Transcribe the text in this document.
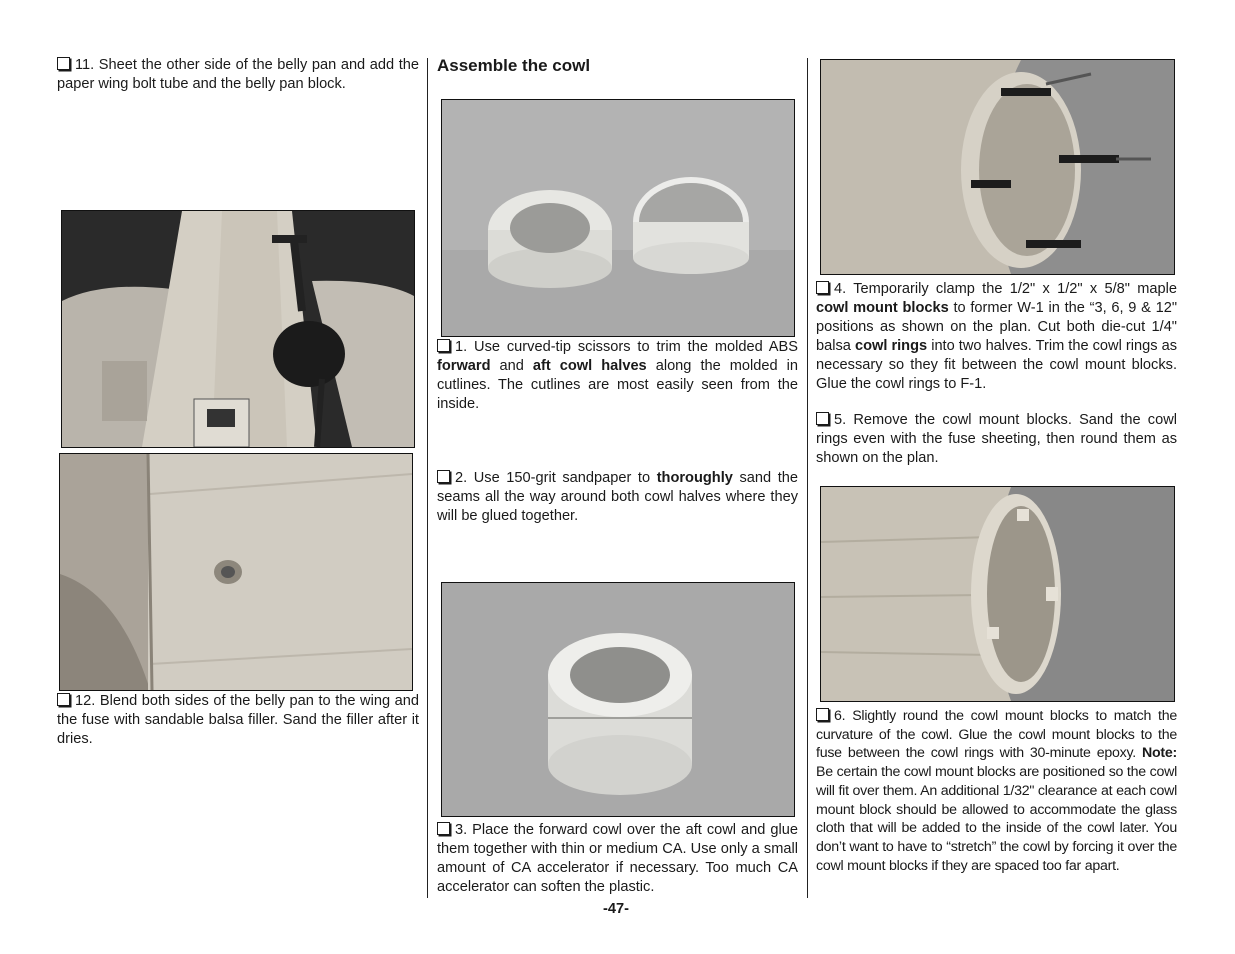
11. Sheet the other side of the belly pan and add the paper wing bolt tube and the belly pan block.
12. Blend both sides of the belly pan to the wing and the fuse with sandable balsa filler. Sand the filler after it dries.
Assemble the cowl
1. Use curved-tip scissors to trim the molded ABS forward and aft cowl halves along the molded in cutlines. The cutlines are most easily seen from the inside.
2. Use 150-grit sandpaper to thoroughly sand the seams all the way around both cowl halves where they will be glued together.
3. Place the forward cowl over the aft cowl and glue them together with thin or medium CA. Use only a small amount of CA accelerator if necessary. Too much CA accelerator can soften the plastic.
-47-
4. Temporarily clamp the 1/2" x 1/2" x 5/8" maple cowl mount blocks to former W-1 in the “3, 6, 9 & 12" positions as shown on the plan. Cut both die-cut 1/4" balsa cowl rings into two halves. Trim the cowl rings as necessary so they fit between the cowl mount blocks. Glue the cowl rings to F-1.
5. Remove the cowl mount blocks. Sand the cowl rings even with the fuse sheeting, then round them as shown on the plan.
6. Slightly round the cowl mount blocks to match the curvature of the cowl. Glue the cowl mount blocks to the fuse between the cowl rings with 30-minute epoxy. Note: Be certain the cowl mount blocks are positioned so the cowl will fit over them. An additional 1/32" clearance at each cowl mount block should be allowed to accommodate the glass cloth that will be added to the inside of the cowl later. You don’t want to have to “stretch” the cowl by forcing it over the cowl mount blocks if they are spaced too far apart.
